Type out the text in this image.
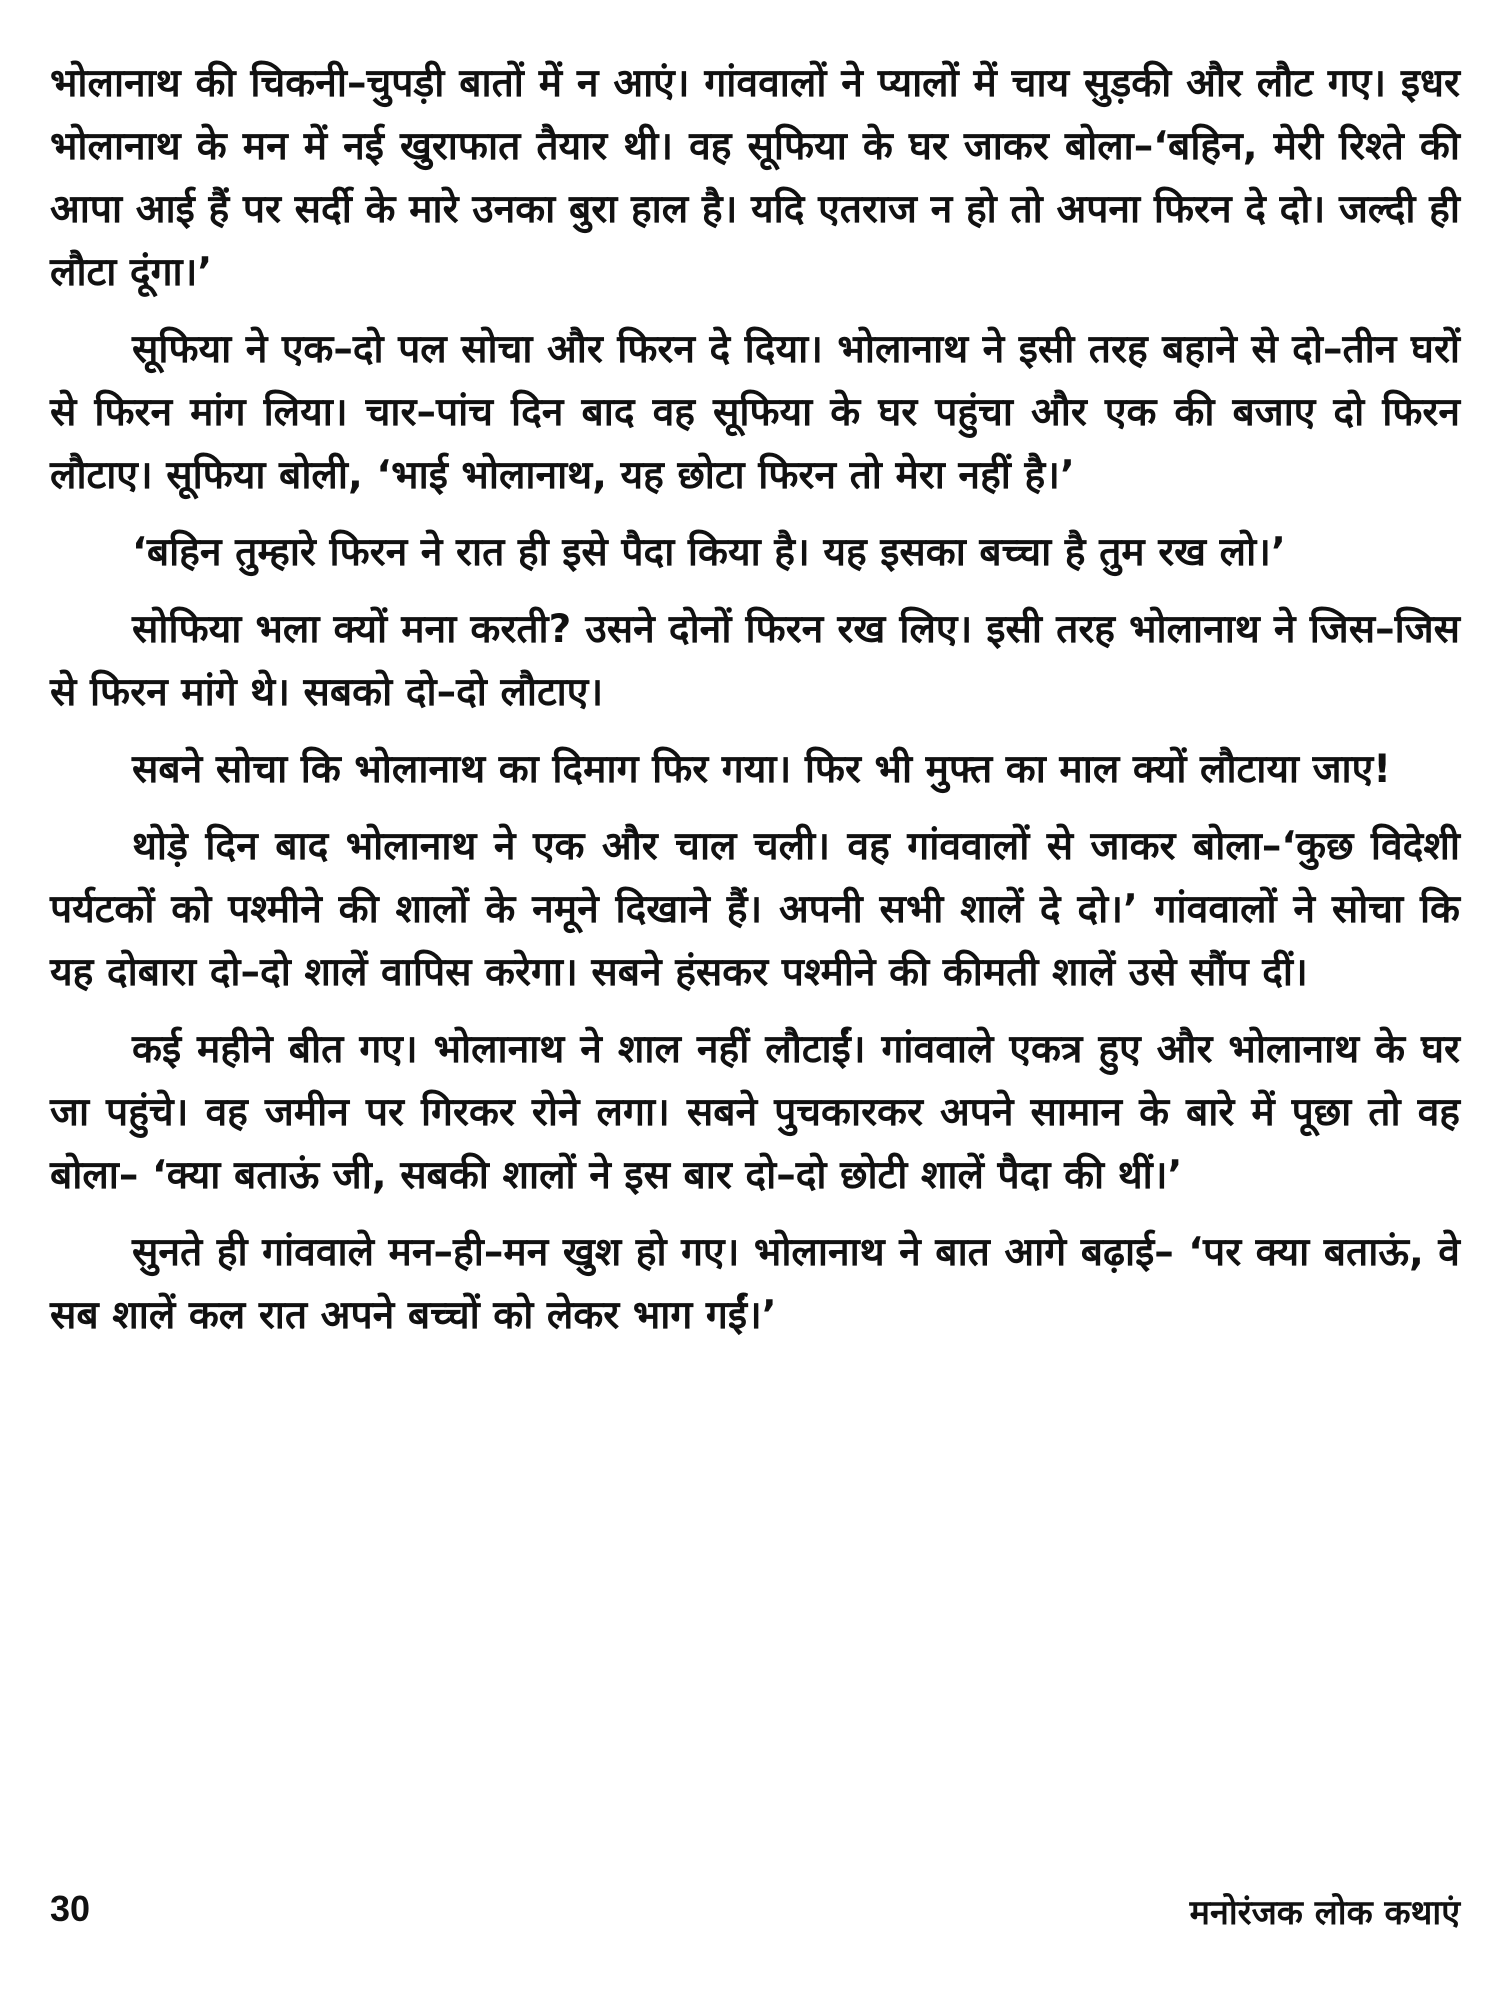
भोलानाथ की चिकनी–चुपड़ी बातों में न आएं। गांववालों ने प्यालों में चाय सुड़की और लौट गए। इधर भोलानाथ के मन में नई खुराफात तैयार थी। वह सूफिया के घर जाकर बोला–‘बहिन, मेरी रिश्ते की आपा आई हैं पर सर्दी के मारे उनका बुरा हाल है। यदि एतराज न हो तो अपना फिरन दे दो। जल्दी ही लौटा दूंगा।’

सूफिया ने एक–दो पल सोचा और फिरन दे दिया। भोलानाथ ने इसी तरह बहाने से दो–तीन घरों से फिरन मांग लिया। चार–पांच दिन बाद वह सूफिया के घर पहुंचा और एक की बजाए दो फिरन लौटाए। सूफिया बोली, ‘भाई भोलानाथ, यह छोटा फिरन तो मेरा नहीं है।’

‘बहिन तुम्हारे फिरन ने रात ही इसे पैदा किया है। यह इसका बच्चा है तुम रख लो।’

सोफिया भला क्यों मना करती? उसने दोनों फिरन रख लिए। इसी तरह भोलानाथ ने जिस–जिस से फिरन मांगे थे। सबको दो–दो लौटाए।

सबने सोचा कि भोलानाथ का दिमाग फिर गया। फिर भी मुफ्त का माल क्यों लौटाया जाए!

थोड़े दिन बाद भोलानाथ ने एक और चाल चली। वह गांववालों से जाकर बोला–‘कुछ विदेशी पर्यटकों को पश्मीने की शालों के नमूने दिखाने हैं। अपनी सभी शालें दे दो।’ गांववालों ने सोचा कि यह दोबारा दो–दो शालें वापिस करेगा। सबने हंसकर पश्मीने की कीमती शालें उसे सौंप दीं।

कई महीने बीत गए। भोलानाथ ने शाल नहीं लौटाईं। गांववाले एकत्र हुए और भोलानाथ के घर जा पहुंचे। वह जमीन पर गिरकर रोने लगा। सबने पुचकारकर अपने सामान के बारे में पूछा तो वह बोला– ‘क्या बताऊं जी, सबकी शालों ने इस बार दो–दो छोटी शालें पैदा की थीं।’

सुनते ही गांववाले मन–ही–मन खुश हो गए। भोलानाथ ने बात आगे बढ़ाई– ‘पर क्या बताऊं, वे सब शालें कल रात अपने बच्चों को लेकर भाग गईं।’

30	मनोरंजक लोक कथाएं
